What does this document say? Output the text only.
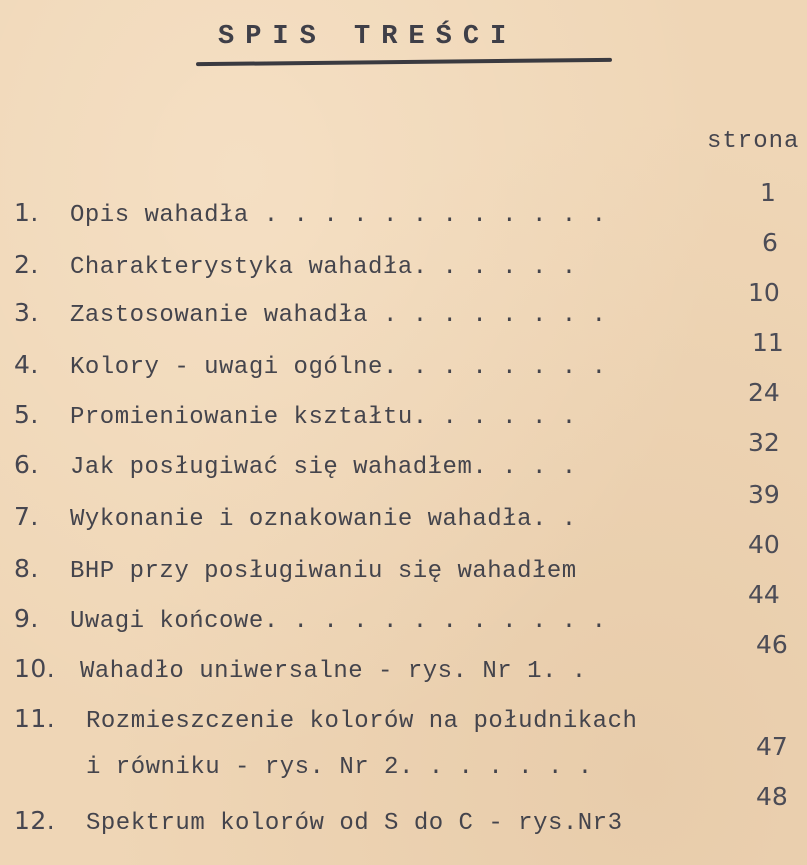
SPIS TREŚCI
strona
1. Opis wahadła . . . . . . . . . . . .
1
2. Charakterystyka wahadła. . . . . .
6
3. Zastosowanie wahadła . . . . . . . .
10
4. Kolory - uwagi ogólne. . . . . . . .
11
5. Promieniowanie kształtu. . . . . .
24
6. Jak posługiwać się wahadłem. . . .
32
7. Wykonanie i oznakowanie wahadła. .
39
8. BHP przy posługiwaniu się wahadłem
40
9. Uwagi końcowe. . . . . . . . . . . .
44
10. Wahadło uniwersalne - rys. Nr 1. .
46
11. Rozmieszczenie kolorów na południkach
i równiku - rys. Nr 2. . . . . . .
47
12. Spektrum kolorów od S do C - rys.Nr3
48
